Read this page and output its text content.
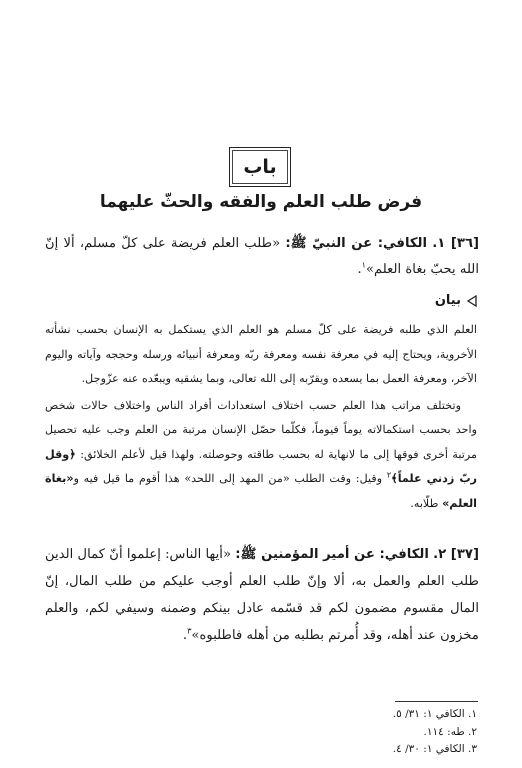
باب
فرض طلب العلم والفقه والحثّ عليهما
[٣٦] ١. الكافي: عن النبيّ ﷺ: «طلب العلم فريضة على كلّ مسلم، ألا إنّ الله يحبّ بغاة العلم»$^١$.
بيان

العلم الذي طلبه فريضة على كلّ مسلم هو العلم الذي يستكمل به الإنسان بحسب نشأته الأخروية، ويحتاج إليه في معرفة نفسه ومعرفة ربّه ومعرفة أنبيائه ورسله وحججه وآياته واليوم الآخر، ومعرفة العمل بما يسعده ويقرّبه إلى الله تعالى، وبما يشقيه ويبعّده عنه عزّوجل.

وتختلف مراتب هذا العلم حسب اختلاف استعدادات أفراد الناس واختلاف حالات شخص واحد بحسب استكمالاته يوماً فيوماً، فكلّما حصّل الإنسان مرتبة من العلم وجب عليه تحصيل مرتبة أخرى فوقها إلى ما لانهاية له بحسب طاقته وحوصلته. ولهذا قيل لأعلم الخلائق: ﴿وقل ربّ زدني علماً﴾$^٢$ وقيل: وقت الطلب «من المهد إلى اللحد» هذا أقوم ما قيل فيه و«بغاة العلم» طلّابه.

[٣٧] ٢. الكافي: عن أمير المؤمنين ﷺ: «أيها الناس: إعلموا أنّ كمال الدين طلب العلم والعمل به، ألا وإنّ طلب العلم أوجب عليكم من طلب المال، إنّ المال مقسوم مضمون لكم قد قسّمه عادل بينكم وضمنه وسيفي لكم، والعلم مخزون عند أهله، وقد أُمرتم بطلبه من أهله فاطلبوه»$^٣$.
١. الكافي ١: ٣١/ ٥.
٢. طه: ١١٤.
٣. الكافي ١: ٣٠/ ٤.
